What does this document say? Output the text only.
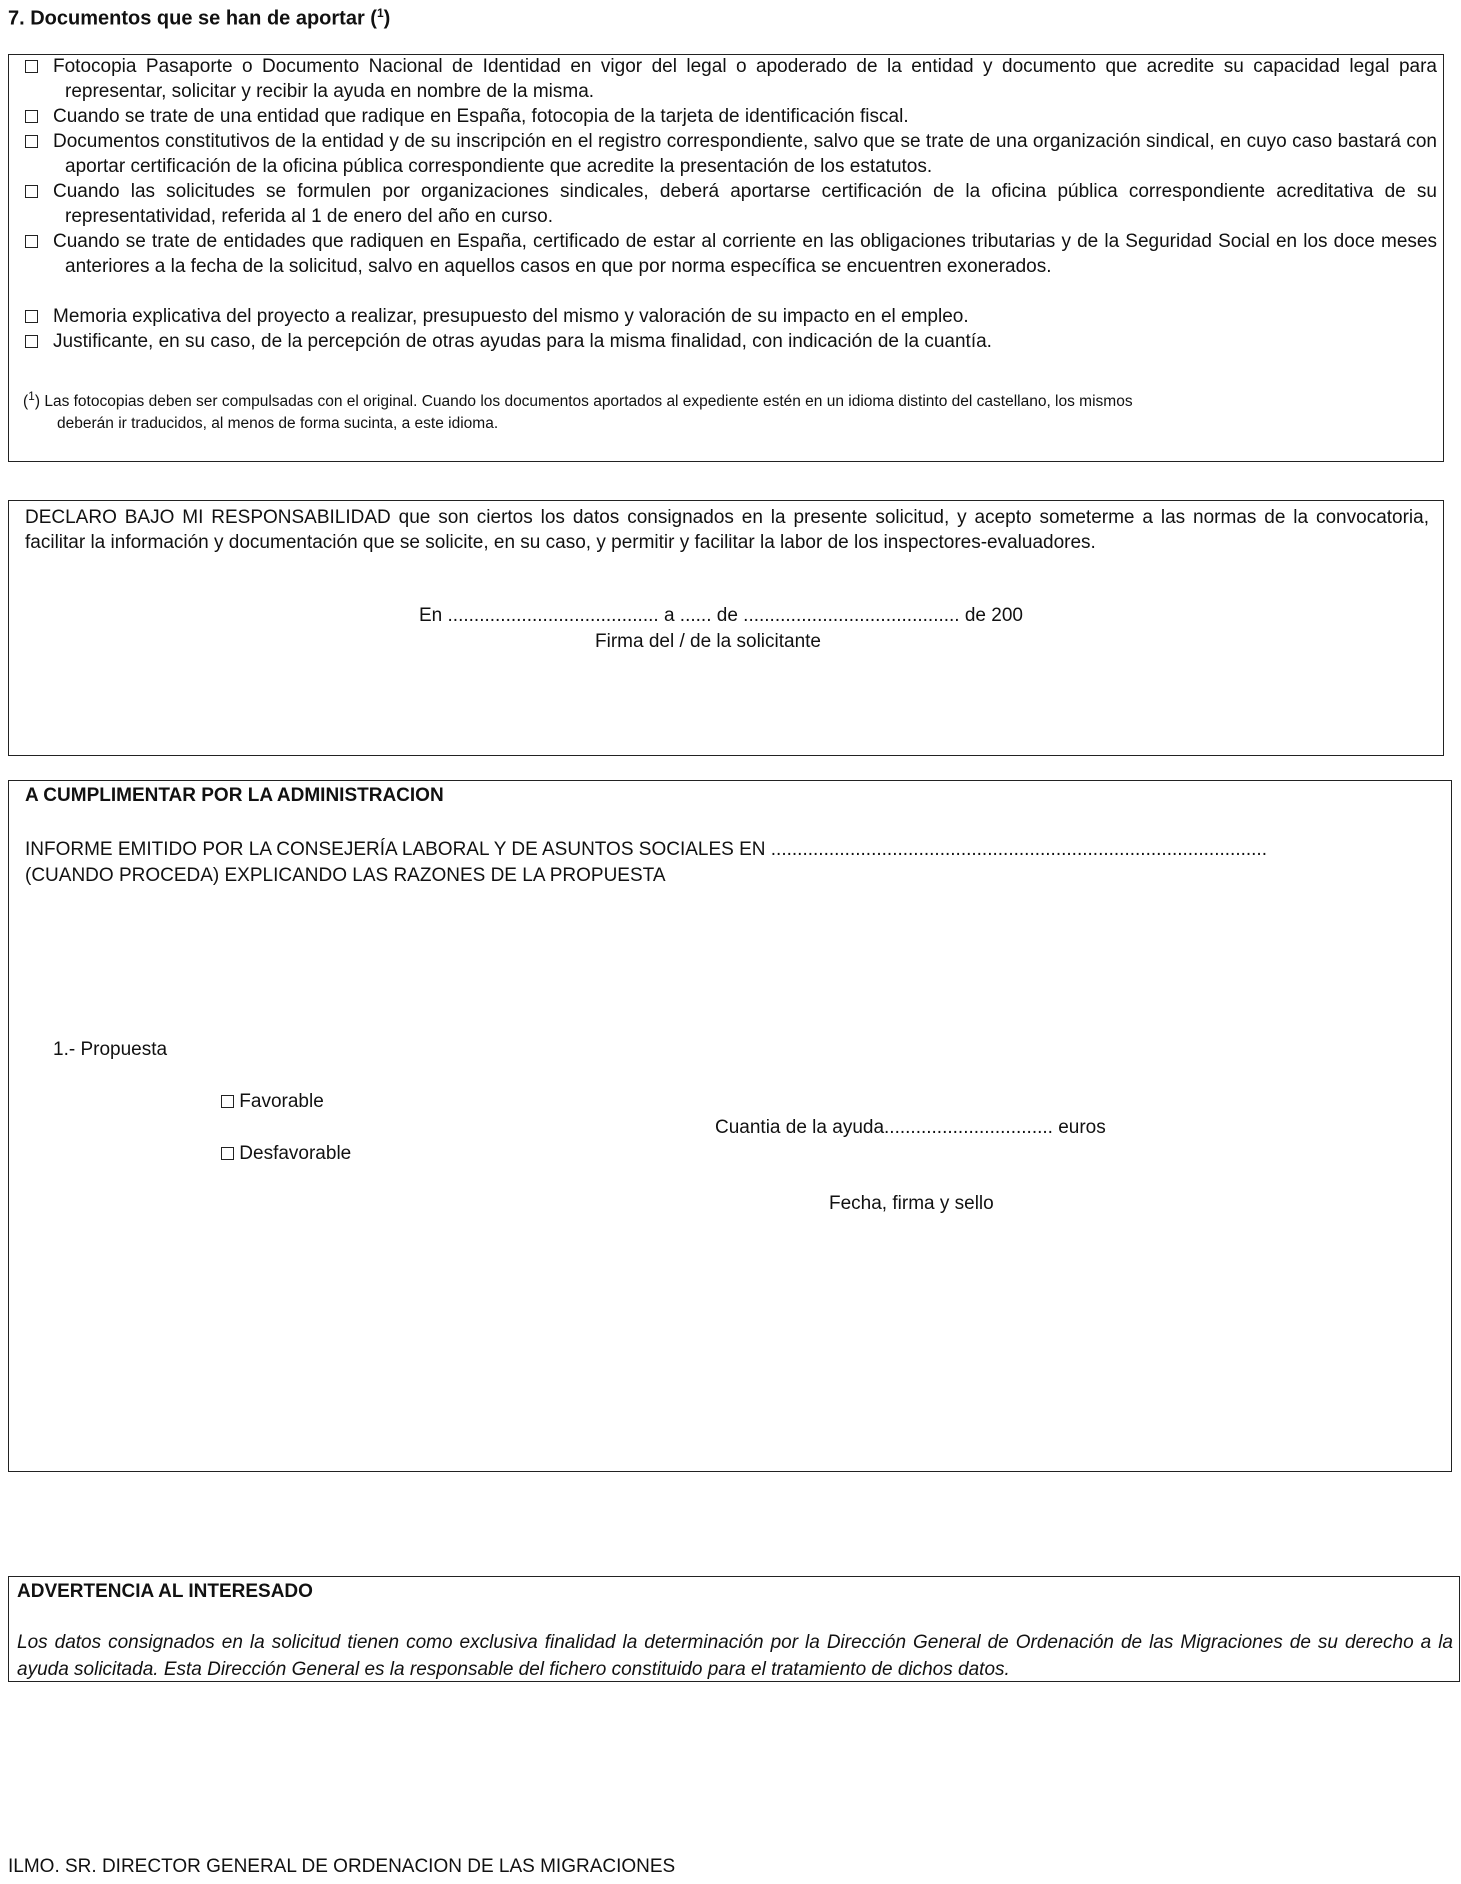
7. Documentos que se han de aportar ($^1$)
Fotocopia Pasaporte o Documento Nacional de Identidad en vigor del legal o apoderado de la entidad y documento que acredite su capacidad legal para representar, solicitar y recibir la ayuda en nombre de la misma.
Cuando se trate de una entidad que radique en España, fotocopia de la tarjeta de identificación fiscal.
Documentos constitutivos de la entidad y de su inscripción en el registro correspondiente, salvo que se trate de una organización sindical, en cuyo caso bastará con aportar certificación de la oficina pública correspondiente que acredite la presentación de los estatutos.
Cuando las solicitudes se formulen por organizaciones sindicales, deberá aportarse certificación de la oficina pública correspondiente acreditativa de su representatividad, referida al 1 de enero del año en curso.
Cuando se trate de entidades que radiquen en España, certificado de estar al corriente en las obligaciones tributarias y de la Seguridad Social en los doce meses anteriores a la fecha de la solicitud, salvo en aquellos casos en que por norma específica se encuentren exonerados.
Memoria explicativa del proyecto a realizar, presupuesto del mismo y valoración de su impacto en el empleo.
Justificante, en su caso, de la percepción de otras ayudas para la misma finalidad, con indicación de la cuantía.
($^1$) Las fotocopias deben ser compulsadas con el original. Cuando los documentos aportados al expediente estén en un idioma distinto del castellano, los mismos
deberán ir traducidos, al menos de forma sucinta, a este idioma.
DECLARO BAJO MI RESPONSABILIDAD que son ciertos los datos consignados en la presente solicitud, y acepto someterme a las normas de la convocatoria, facilitar la información y documentación que se solicite, en su caso, y permitir y facilitar la labor de los inspectores-evaluadores.
En ........................................ a ...... de ......................................... de 200
Firma del / de la solicitante
A CUMPLIMENTAR POR LA ADMINISTRACION
INFORME EMITIDO POR LA CONSEJERÍA LABORAL Y DE ASUNTOS SOCIALES EN ..............................................................................................
(CUANDO PROCEDA) EXPLICANDO LAS RAZONES DE LA PROPUESTA
1.- Propuesta
Favorable
Desfavorable
Cuantia de la ayuda................................ euros
Fecha, firma y sello
ADVERTENCIA AL INTERESADO
Los datos consignados en la solicitud tienen como exclusiva finalidad la determinación por la Dirección General de Ordenación de las Migraciones de su derecho a la ayuda solicitada. Esta Dirección General es la responsable del fichero constituido para el tratamiento de dichos datos.
ILMO. SR. DIRECTOR GENERAL DE ORDENACION DE LAS MIGRACIONES
